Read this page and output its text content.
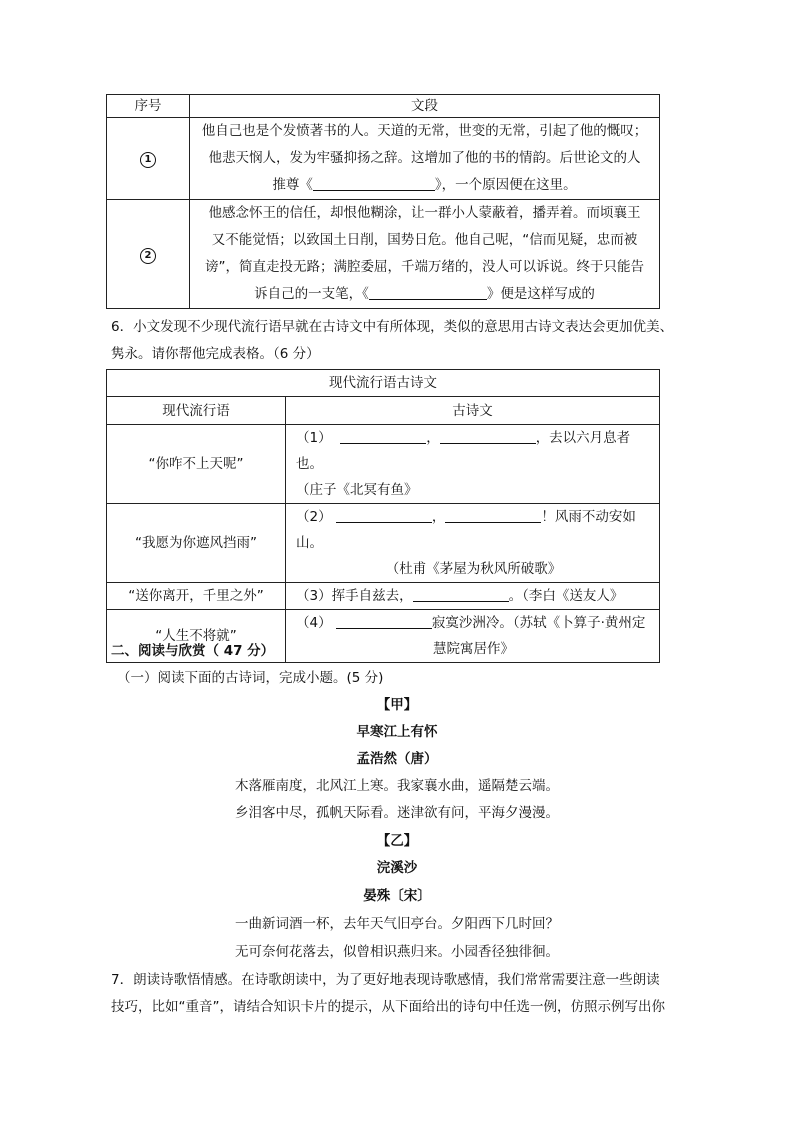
序号	文段
1	他自己也是个发愤著书的人。天道的无常，世变的无常，引起了他的慨叹；
他悲天悯人，发为牢骚抑扬之辞。这增加了他的书的情韵。后世论文的人
推尊《 》，一个原因便在这里。

2	他感念怀王的信任，却恨他糊涂，让一群小人蒙蔽着，播弄着。而顷襄王
又不能觉悟；以致国土日削，国势日危。他自己呢，“信而见疑，忠而被
谤”，简直走投无路；满腔委屈，千端万绪的，没人可以诉说。终于只能告
诉自己的一支笔，《 》便是这样写成的
6．小文发现不少现代流行语早就在古诗文中有所体现，类似的意思用古诗文表达会更加优美、
隽永。请你帮他完成表格。（6 分）
现代流行语古诗文	
现代流行语	古诗文
“你咋不上天呢”	（1） ， ，去以六月息者也。
（庄子《北冥有鱼》

“我愿为你遮风挡雨”	（2） ， ！风雨不动安如山。
（杜甫《茅屋为秋风所破歌》

“送你离开，千里之外”	（3）挥手自兹去， 。（李白《送友人》

“人生不将就”	（4） 寂寞沙洲冷。（苏轼《卜算子·黄州定
慧院寓居作》
二、阅读与欣赏（ 47 分）
（一）阅读下面的古诗词，完成小题。(5 分)
【甲】
早寒江上有怀
孟浩然（唐）
木落雁南度，北风江上寒。我家襄水曲，遥隔楚云端。
乡泪客中尽，孤帆天际看。迷津欲有问，平海夕漫漫。
【乙】
浣溪沙
晏殊〔宋〕
一曲新词酒一杯，去年天气旧亭台。夕阳西下几时回？
无可奈何花落去，似曾相识燕归来。小园香径独徘徊。
7．朗读诗歌悟情感。在诗歌朗读中，为了更好地表现诗歌感情，我们常常需要注意一些朗读
技巧，比如“重音”，请结合知识卡片的提示，从下面给出的诗句中任选一例，仿照示例写出你
